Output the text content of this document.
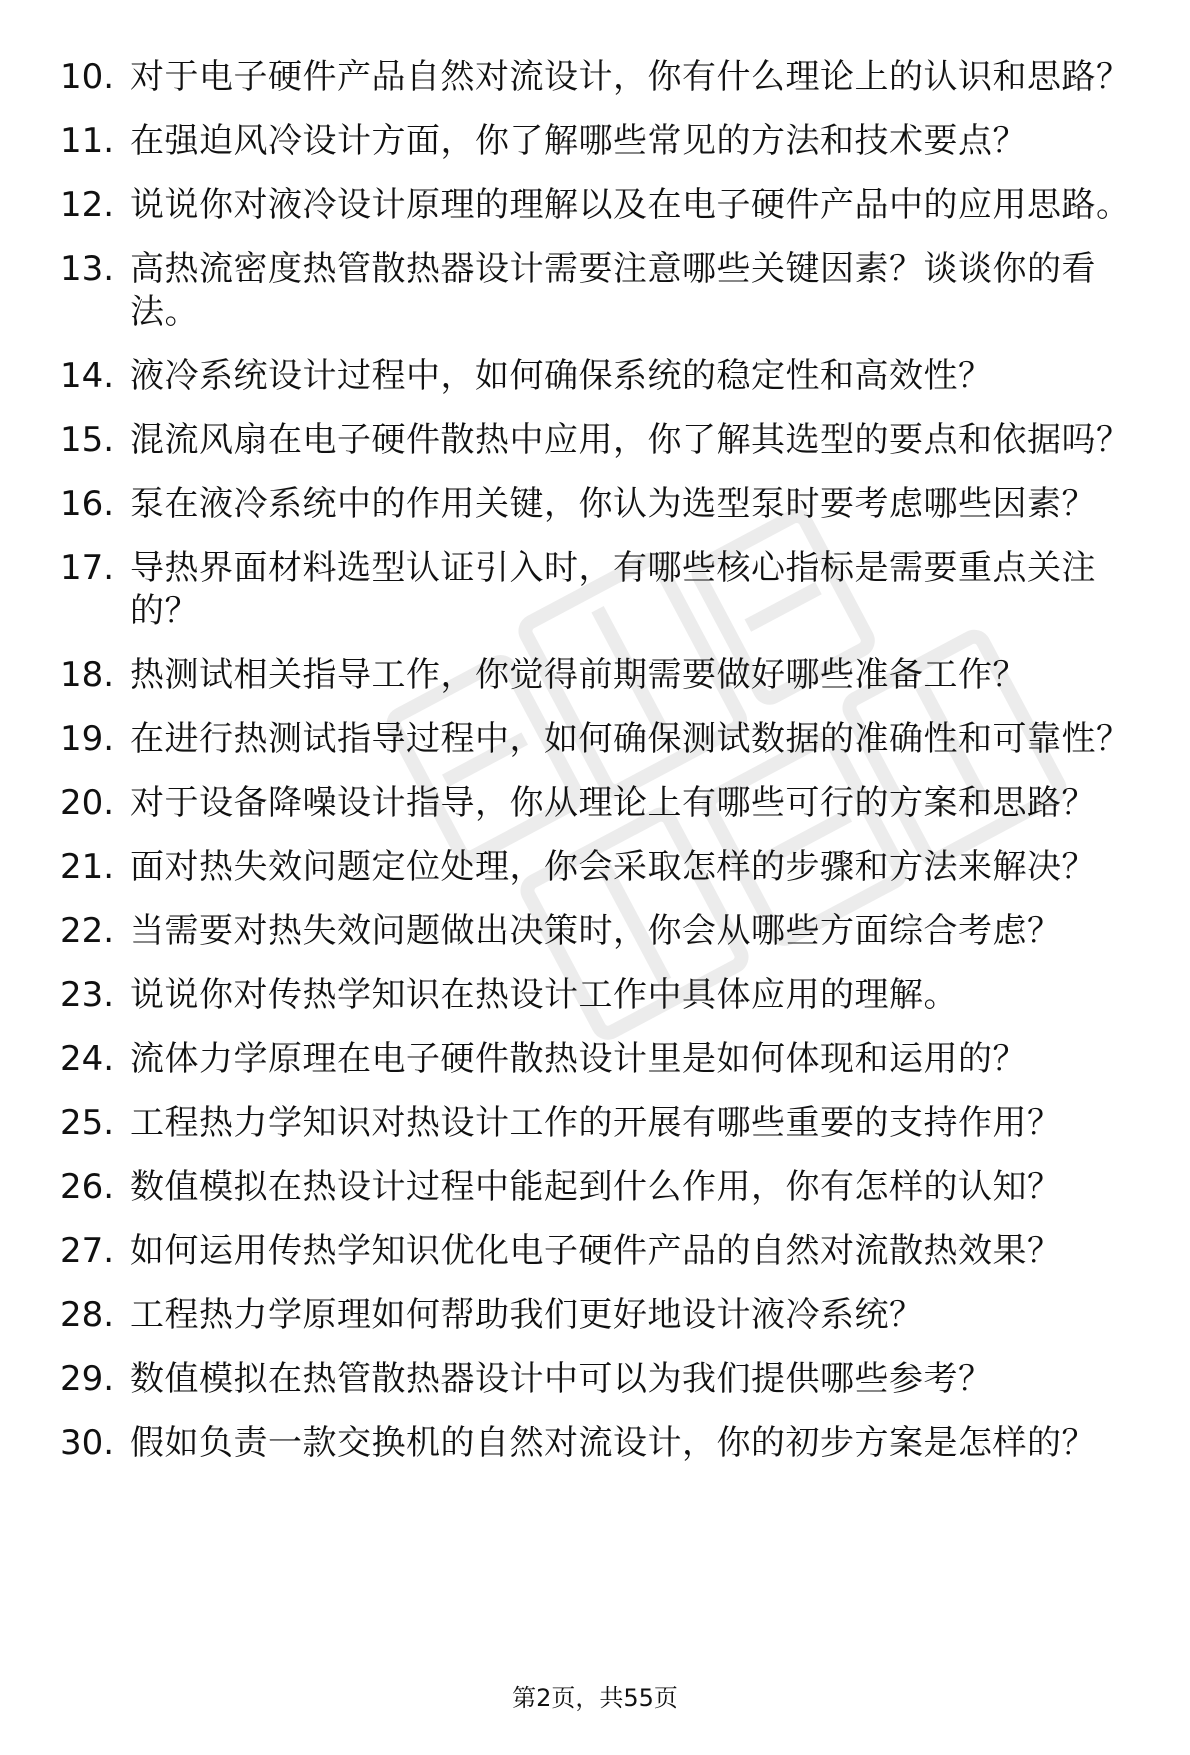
10. 对于电子硬件产品自然对流设计，你有什么理论上的认识和思路？
11. 在强迫风冷设计方面，你了解哪些常见的方法和技术要点？
12. 说说你对液冷设计原理的理解以及在电子硬件产品中的应用思路。
13. 高热流密度热管散热器设计需要注意哪些关键因素？谈谈你的看法。
14. 液冷系统设计过程中，如何确保系统的稳定性和高效性？
15. 混流风扇在电子硬件散热中应用，你了解其选型的要点和依据吗？
16. 泵在液冷系统中的作用关键，你认为选型泵时要考虑哪些因素？
17. 导热界面材料选型认证引入时，有哪些核心指标是需要重点关注的？
18. 热测试相关指导工作，你觉得前期需要做好哪些准备工作？
19. 在进行热测试指导过程中，如何确保测试数据的准确性和可靠性？
20. 对于设备降噪设计指导，你从理论上有哪些可行的方案和思路？
21. 面对热失效问题定位处理，你会采取怎样的步骤和方法来解决？
22. 当需要对热失效问题做出决策时，你会从哪些方面综合考虑？
23. 说说你对传热学知识在热设计工作中具体应用的理解。
24. 流体力学原理在电子硬件散热设计里是如何体现和运用的？
25. 工程热力学知识对热设计工作的开展有哪些重要的支持作用？
26. 数值模拟在热设计过程中能起到什么作用，你有怎样的认知？
27. 如何运用传热学知识优化电子硬件产品的自然对流散热效果？
28. 工程热力学原理如何帮助我们更好地设计液冷系统？
29. 数值模拟在热管散热器设计中可以为我们提供哪些参考？
30. 假如负责一款交换机的自然对流设计，你的初步方案是怎样的？
第2页，共55页
